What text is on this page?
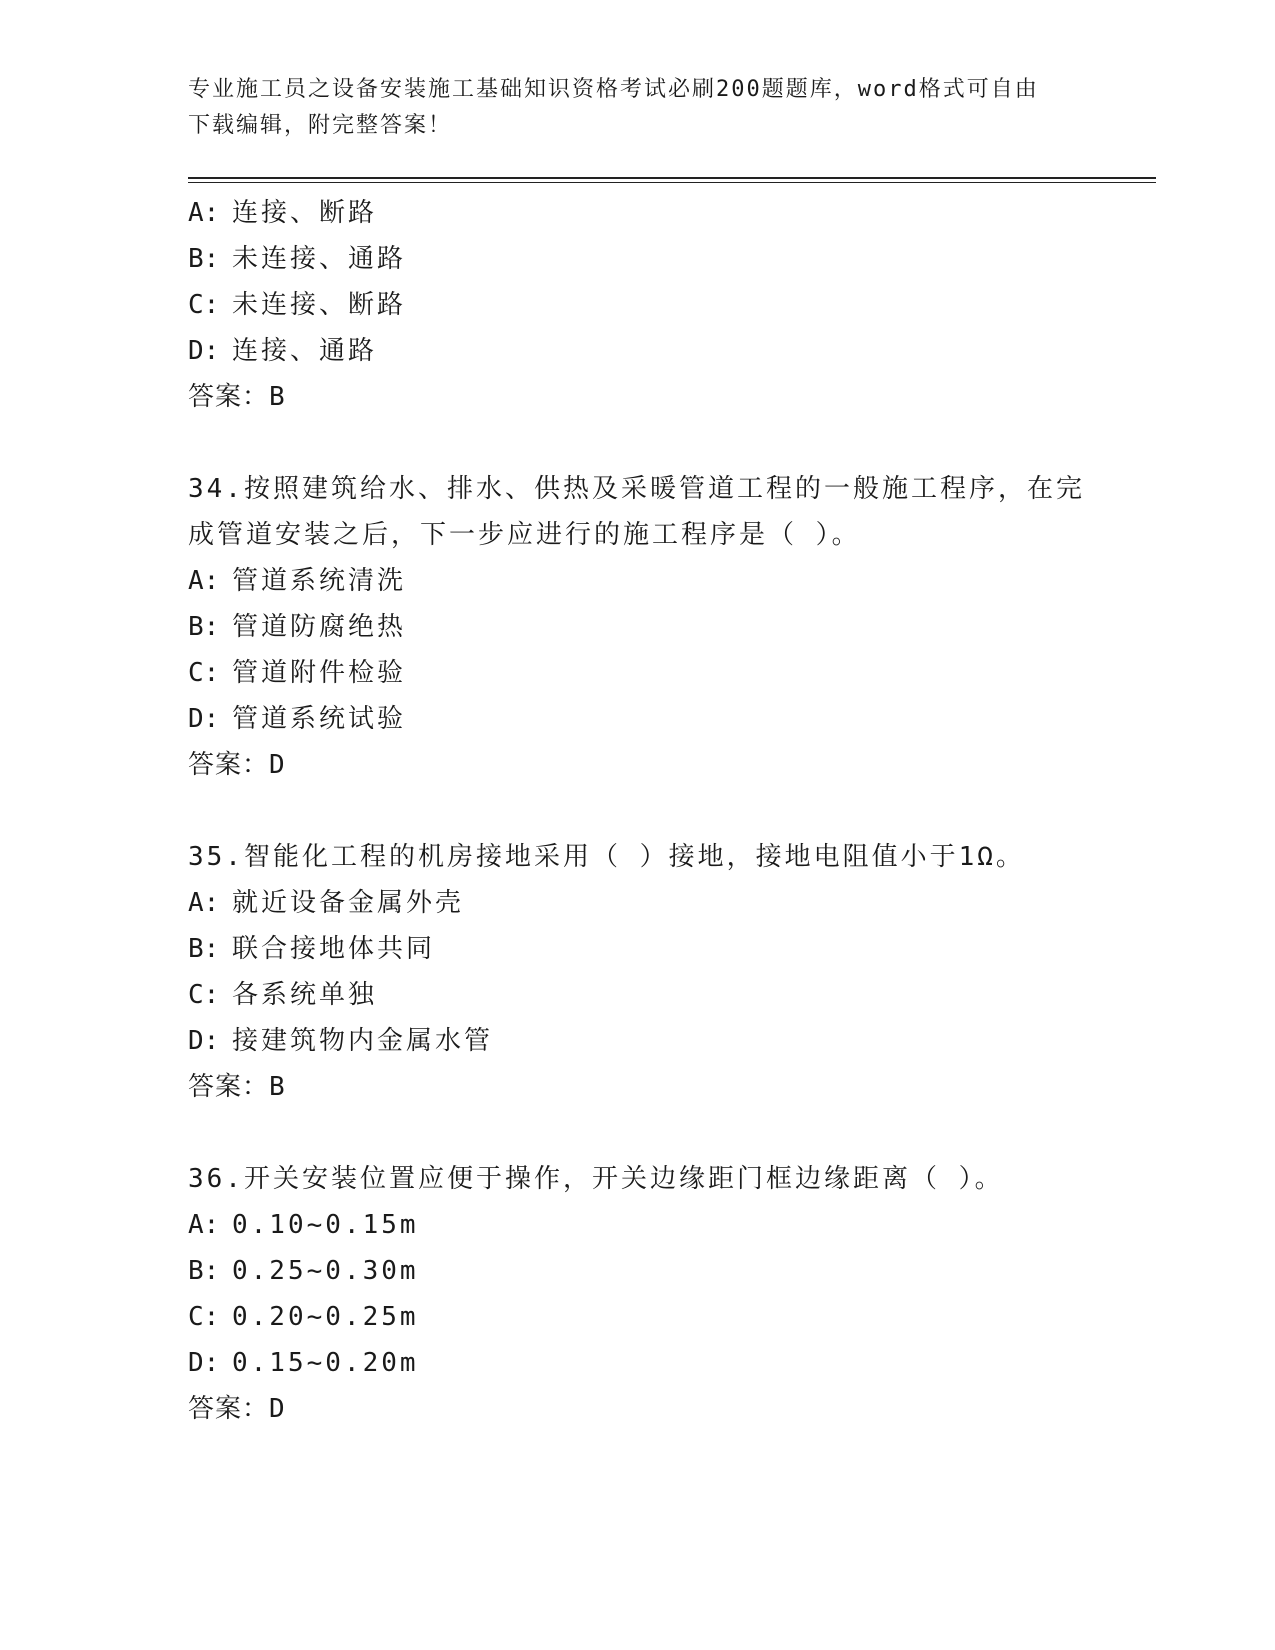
专业施工员之设备安装施工基础知识资格考试必刷200题题库，word格式可自由
下载编辑，附完整答案！
A: 连接、断路
B: 未连接、通路
C: 未连接、断路
D: 连接、通路
答案：B
34.按照建筑给水、排水、供热及采暖管道工程的一般施工程序，在完
成管道安装之后，下一步应进行的施工程序是（ ）。
A: 管道系统清洗
B: 管道防腐绝热
C: 管道附件检验
D: 管道系统试验
答案：D
35.智能化工程的机房接地采用（ ）接地，接地电阻值小于1Ω。
A: 就近设备金属外壳
B: 联合接地体共同
C: 各系统单独
D: 接建筑物内金属水管
答案：B
36.开关安装位置应便于操作，开关边缘距门框边缘距离（ ）。
A: 0.10~0.15m
B: 0.25~0.30m
C: 0.20~0.25m
D: 0.15~0.20m
答案：D
